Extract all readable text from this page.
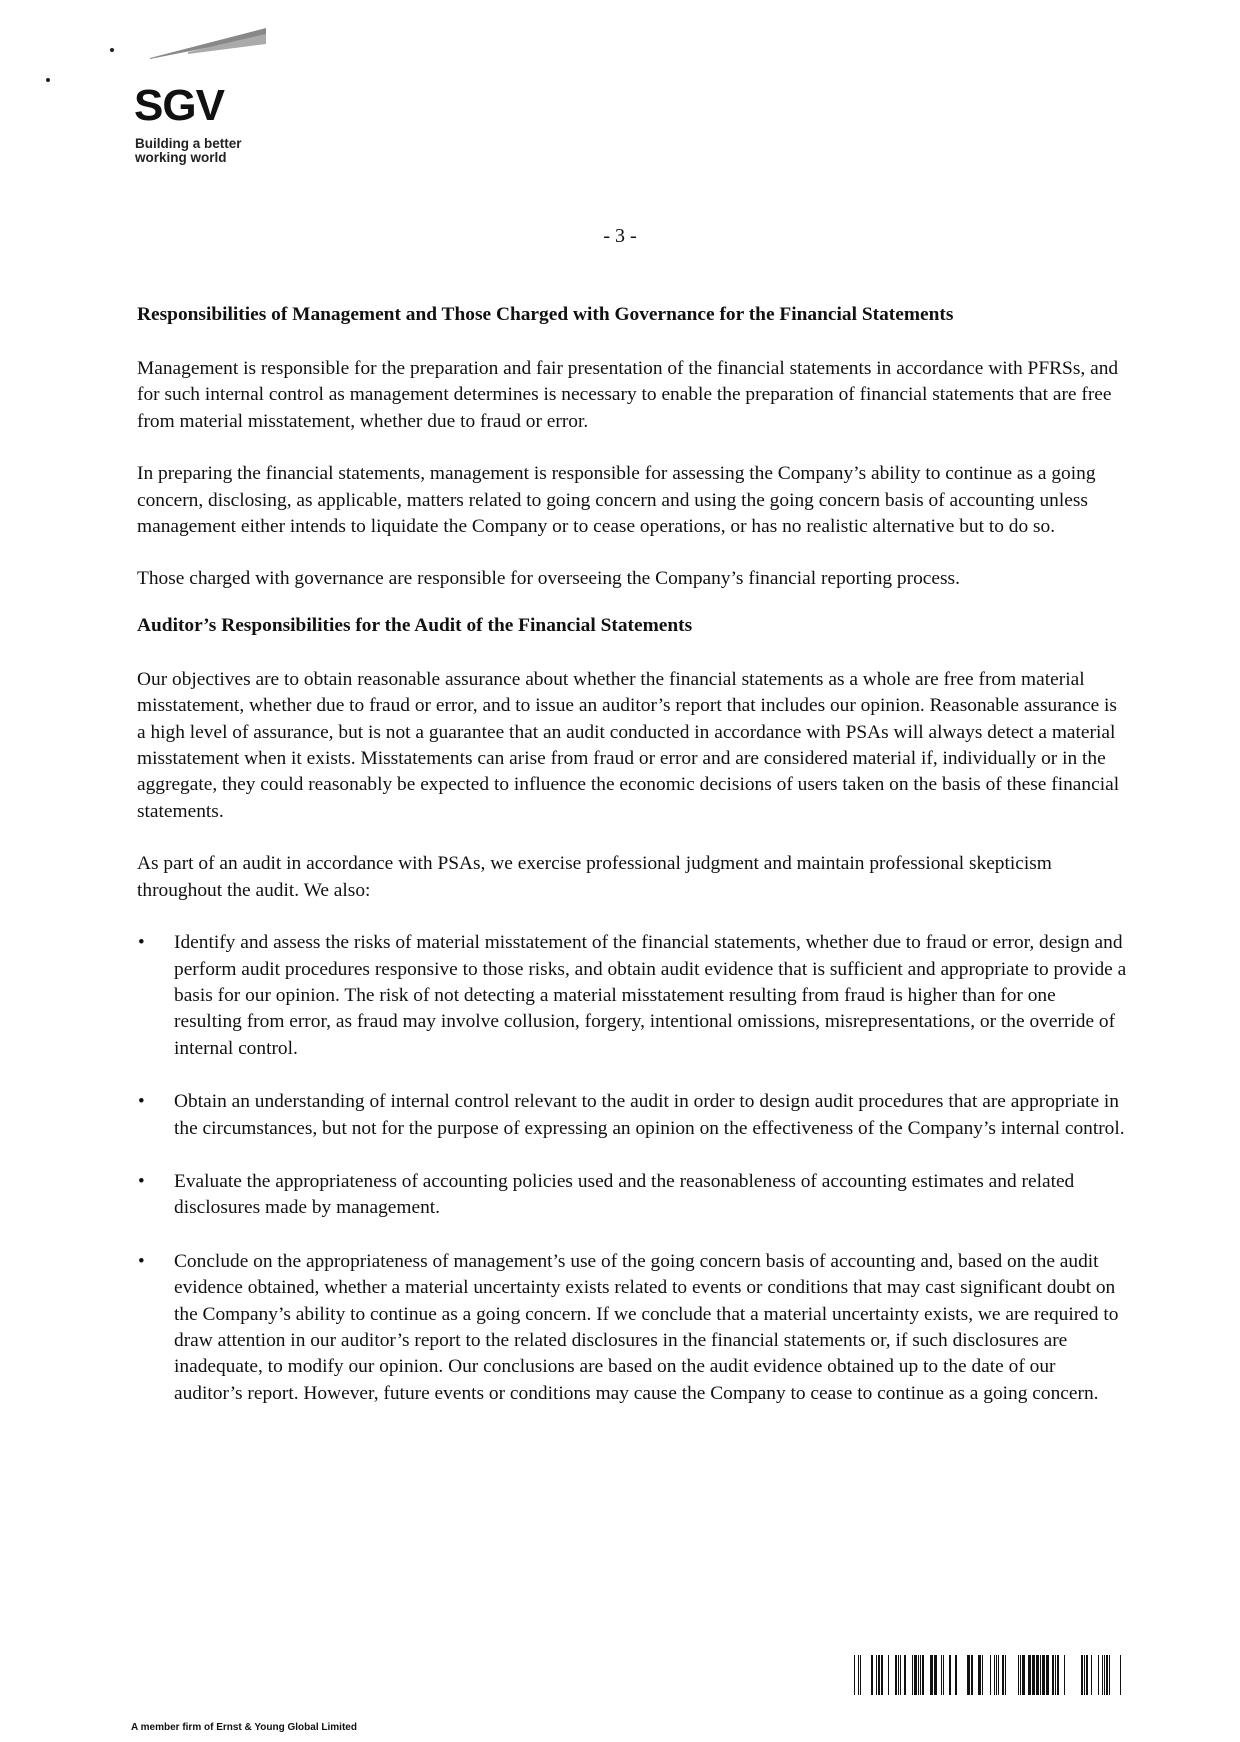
SGV
Building a better
working world
- 3 -
Responsibilities of Management and Those Charged with Governance for the Financial Statements

Management is responsible for the preparation and fair presentation of the financial statements in accordance with PFRSs, and for such internal control as management determines is necessary to enable the preparation of financial statements that are free from material misstatement, whether due to fraud or error.

In preparing the financial statements, management is responsible for assessing the Company’s ability to continue as a going concern, disclosing, as applicable, matters related to going concern and using the going concern basis of accounting unless management either intends to liquidate the Company or to cease operations, or has no realistic alternative but to do so.

Those charged with governance are responsible for overseeing the Company’s financial reporting process.

Auditor’s Responsibilities for the Audit of the Financial Statements

Our objectives are to obtain reasonable assurance about whether the financial statements as a whole are free from material misstatement, whether due to fraud or error, and to issue an auditor’s report that includes our opinion. Reasonable assurance is a high level of assurance, but is not a guarantee that an audit conducted in accordance with PSAs will always detect a material misstatement when it exists. Misstatements can arise from fraud or error and are considered material if, individually or in the aggregate, they could reasonably be expected to influence the economic decisions of users taken on the basis of these financial statements.

As part of an audit in accordance with PSAs, we exercise professional judgment and maintain professional skepticism throughout the audit. We also:

• Identify and assess the risks of material misstatement of the financial statements, whether due to fraud or error, design and perform audit procedures responsive to those risks, and obtain audit evidence that is sufficient and appropriate to provide a basis for our opinion. The risk of not detecting a material misstatement resulting from fraud is higher than for one resulting from error, as fraud may involve collusion, forgery, intentional omissions, misrepresentations, or the override of internal control.
• Obtain an understanding of internal control relevant to the audit in order to design audit procedures that are appropriate in the circumstances, but not for the purpose of expressing an opinion on the effectiveness of the Company’s internal control.
• Evaluate the appropriateness of accounting policies used and the reasonableness of accounting estimates and related disclosures made by management.
• Conclude on the appropriateness of management’s use of the going concern basis of accounting and, based on the audit evidence obtained, whether a material uncertainty exists related to events or conditions that may cast significant doubt on the Company’s ability to continue as a going concern. If we conclude that a material uncertainty exists, we are required to draw attention in our auditor’s report to the related disclosures in the financial statements or, if such disclosures are inadequate, to modify our opinion. Our conclusions are based on the audit evidence obtained up to the date of our auditor’s report. However, future events or conditions may cause the Company to cease to continue as a going concern.
A member firm of Ernst & Young Global Limited
